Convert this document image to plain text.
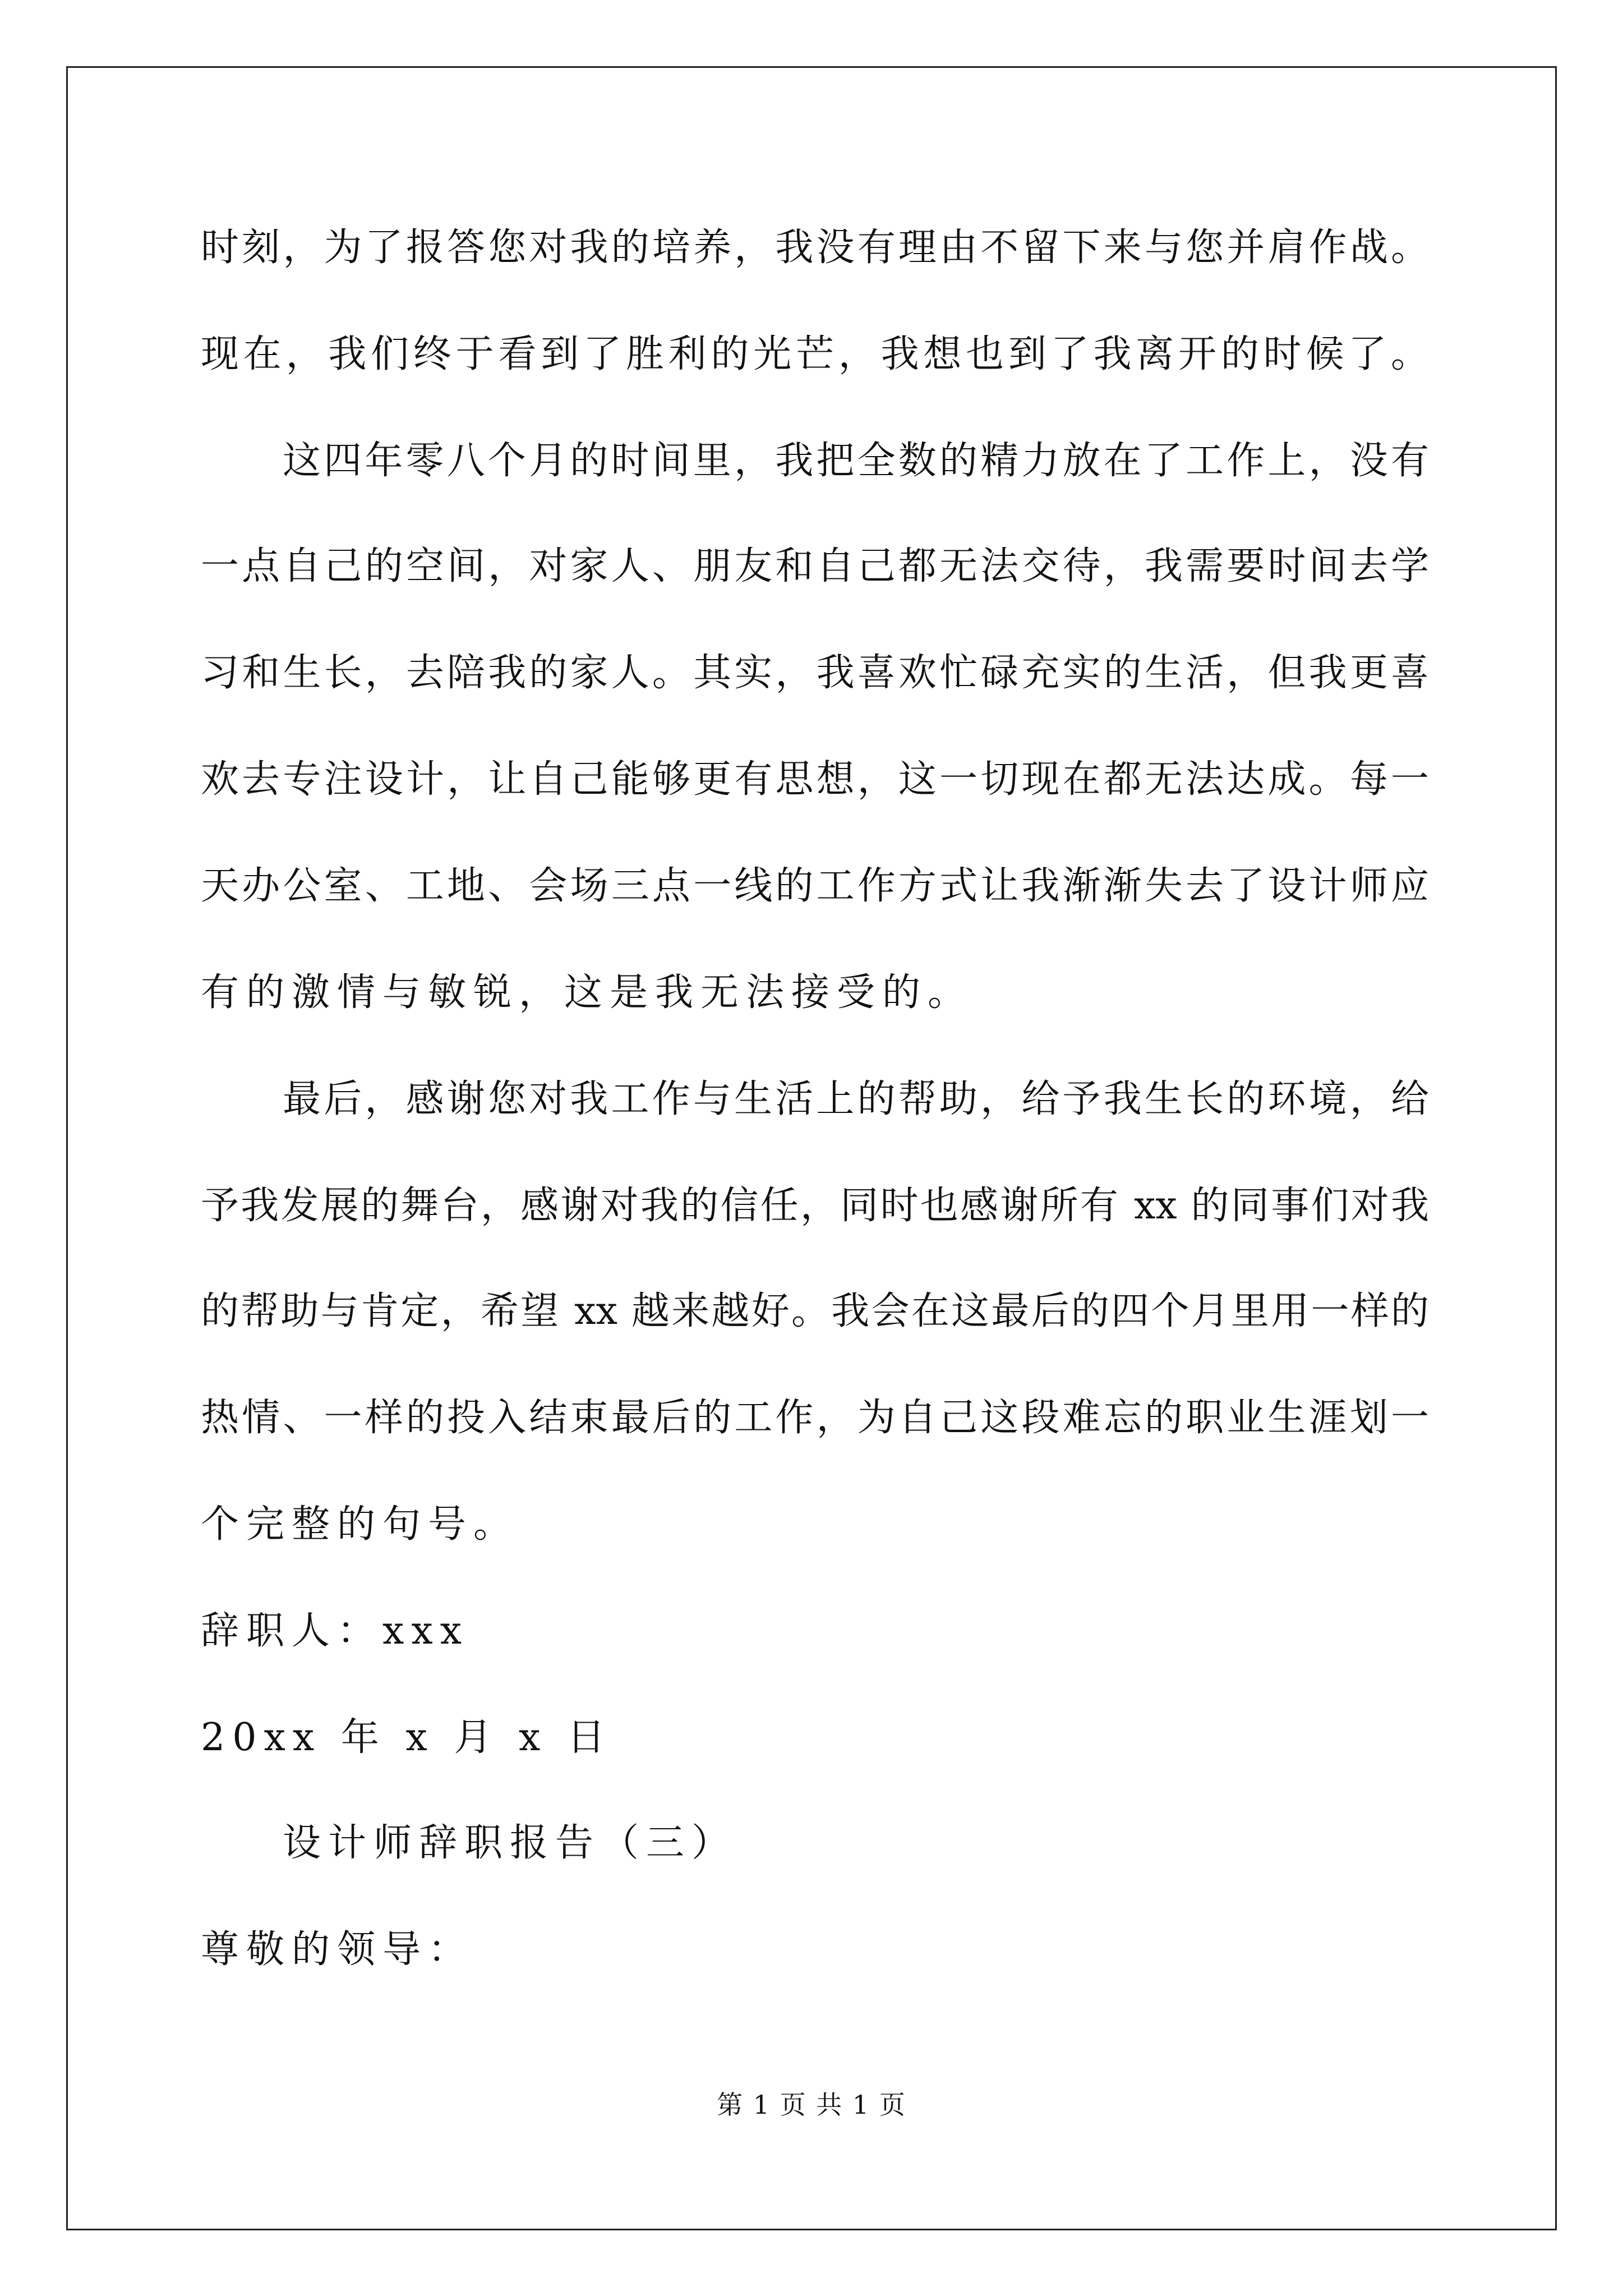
时刻，为了报答您对我的培养，我没有理由不留下来与您并肩作战。
现在，我们终于看到了胜利的光芒，我想也到了我离开的时候了。
这四年零八个月的时间里，我把全数的精力放在了工作上，没有
一点自己的空间，对家人、朋友和自己都无法交待，我需要时间去学
习和生长，去陪我的家人。其实，我喜欢忙碌充实的生活，但我更喜
欢去专注设计，让自己能够更有思想，这一切现在都无法达成。每一
天办公室、工地、会场三点一线的工作方式让我渐渐失去了设计师应
有的激情与敏锐，这是我无法接受的。
最后，感谢您对我工作与生活上的帮助，给予我生长的环境，给
予我发展的舞台，感谢对我的信任，同时也感谢所有 xx 的同事们对我
的帮助与肯定，希望 xx 越来越好。我会在这最后的四个月里用一样的
热情、一样的投入结束最后的工作，为自己这段难忘的职业生涯划一
个完整的句号。
辞职人：xxx
20xx 年 x 月 x 日
设计师辞职报告（三）
尊敬的领导：
第 1 页 共 1 页
